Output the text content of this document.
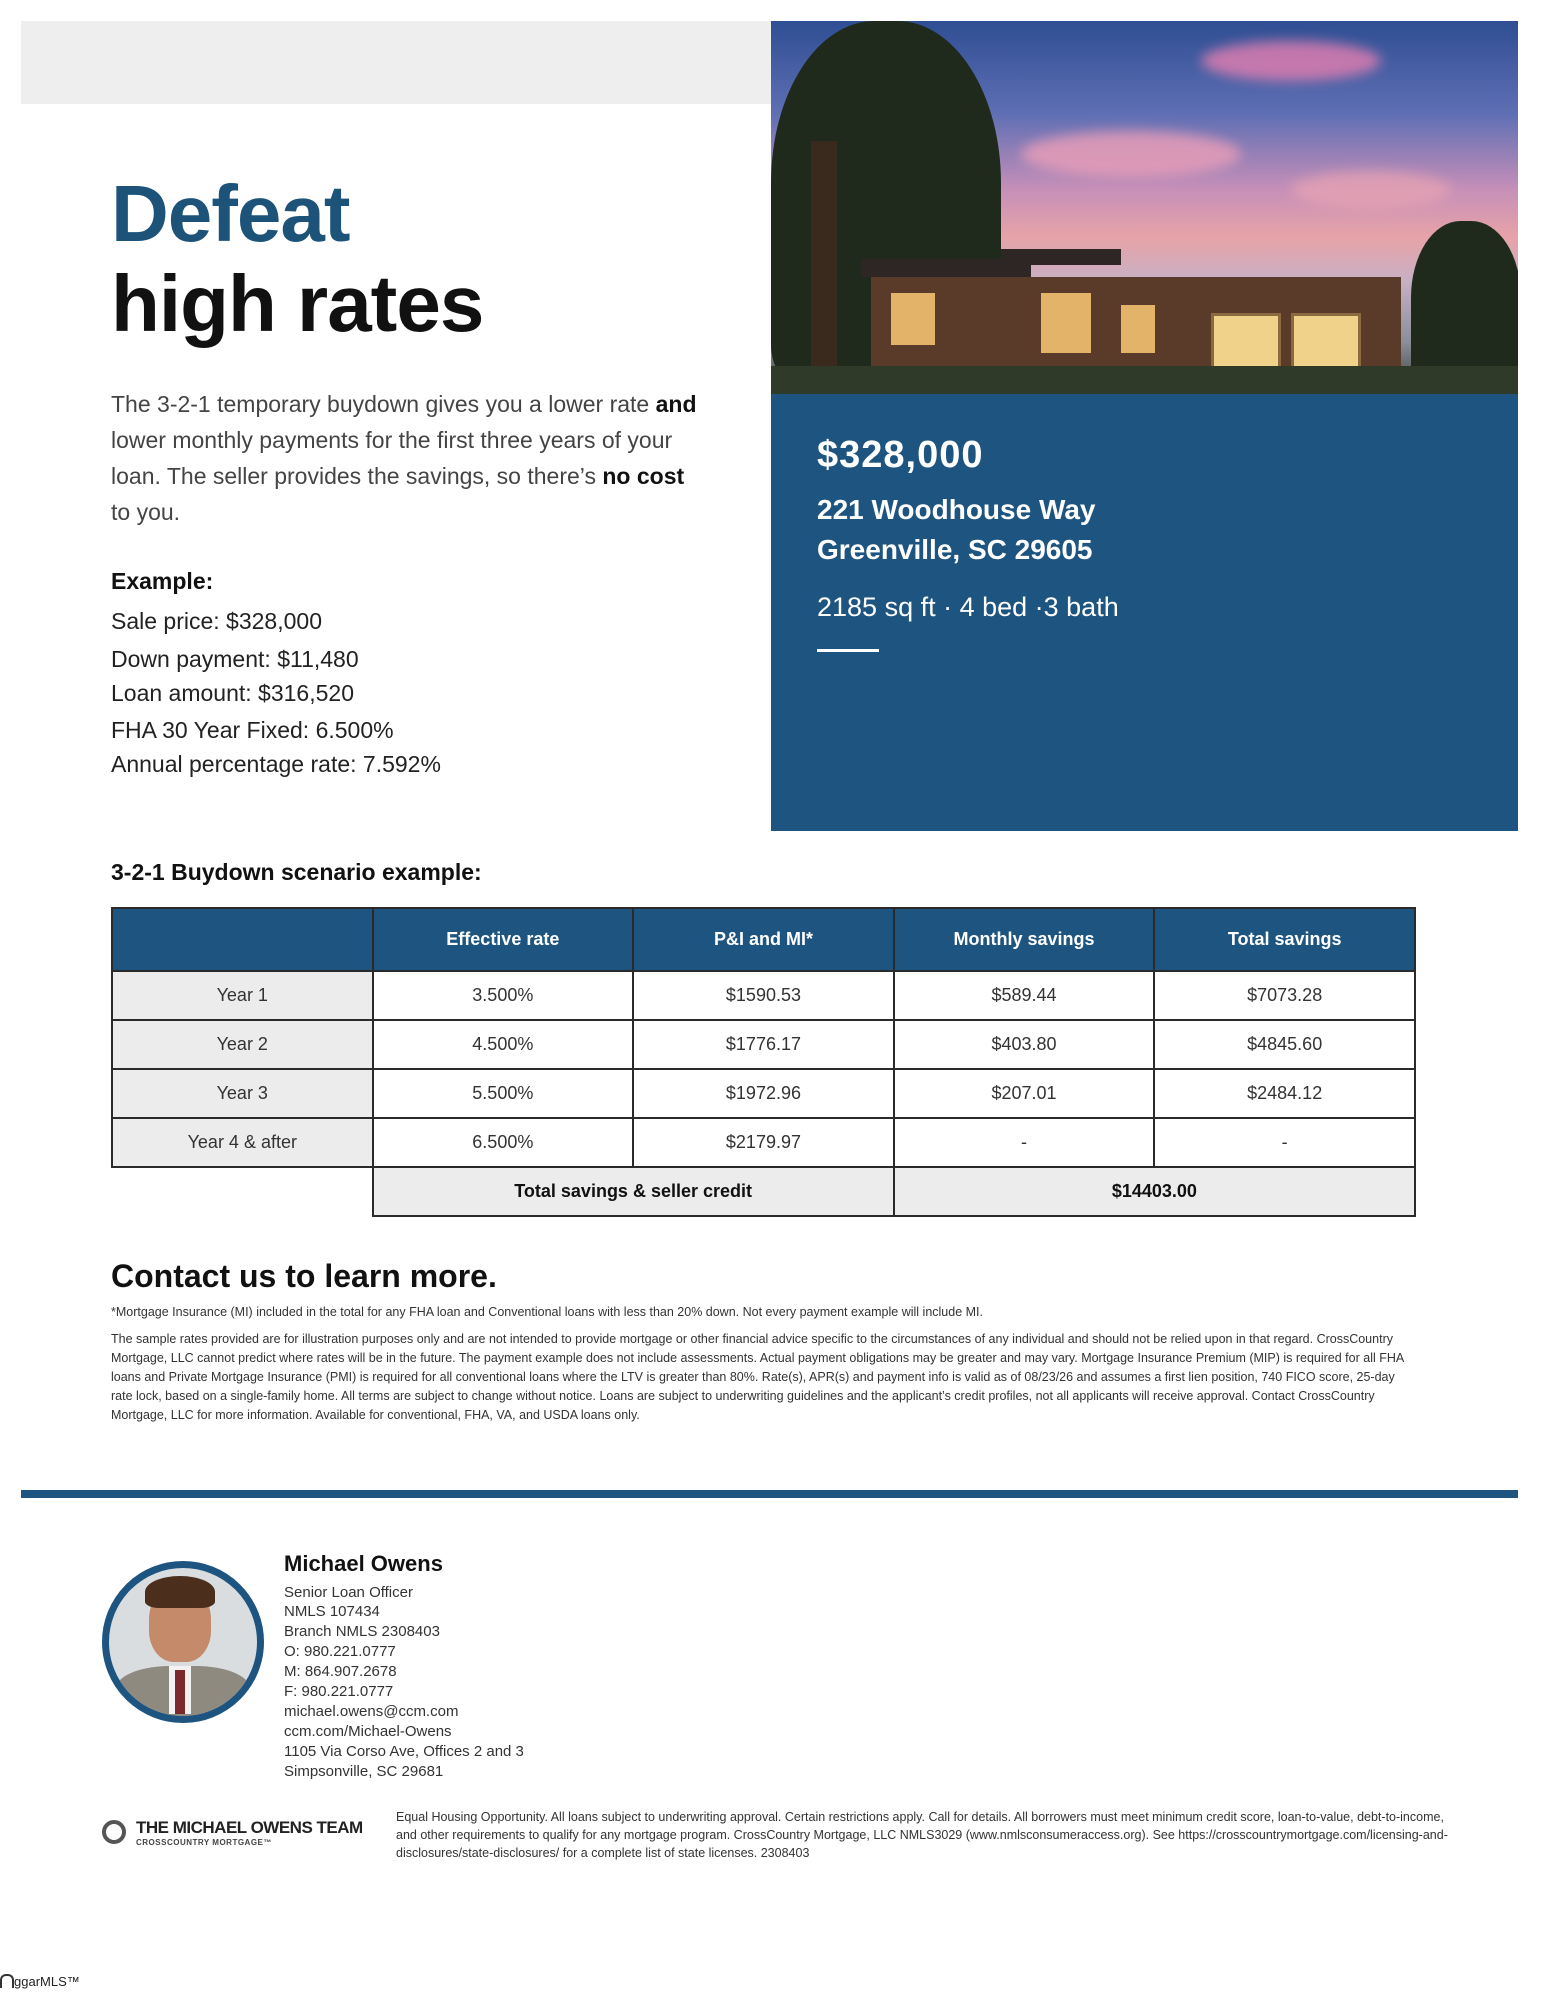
$328,000
221 Woodhouse Way
Greenville, SC 29605
2185 sq ft · 4 bed ·3 bath
Defeat
high rates

The 3-2-1 temporary buydown gives you a lower rate and lower monthly payments for the first three years of your loan. The seller provides the savings, so there’s no cost to you.

Example:
Sale price: $328,000
Down payment: $11,480
Loan amount: $316,520
FHA 30 Year Fixed: 6.500%
Annual percentage rate: 7.592%
3-2-1 Buydown scenario example:
	Effective rate	P&I and MI*	Monthly savings	Total savings
Year 1	3.500%	$1590.53	$589.44	$7073.28
Year 2	4.500%	$1776.17	$403.80	$4845.60
Year 3	5.500%	$1972.96	$207.01	$2484.12
Year 4 & after	6.500%	$2179.97	-	-
	Total savings & seller credit		$14403.00	
Contact us to learn more.

*Mortgage Insurance (MI) included in the total for any FHA loan and Conventional loans with less than 20% down. Not every payment example will include MI.

The sample rates provided are for illustration purposes only and are not intended to provide mortgage or other financial advice specific to the circumstances of any individual and should not be relied upon in that regard. CrossCountry Mortgage, LLC cannot predict where rates will be in the future. The payment example does not include assessments. Actual payment obligations may be greater and may vary. Mortgage Insurance Premium (MIP) is required for all FHA loans and Private Mortgage Insurance (PMI) is required for all conventional loans where the LTV is greater than 80%. Rate(s), APR(s) and payment info is valid as of 08/23/26 and assumes a first lien position, 740 FICO score, 25-day rate lock, based on a single-family home. All terms are subject to change without notice. Loans are subject to underwriting guidelines and the applicant’s credit profiles, not all applicants will receive approval. Contact CrossCountry Mortgage, LLC for more information. Available for conventional, FHA, VA, and USDA loans only.

Michael Owens
Senior Loan Officer
NMLS 107434
Branch NMLS 2308403
O: 980.221.0777
M: 864.907.2678
F: 980.221.0777
michael.owens@ccm.com
ccm.com/Michael-Owens
1105 Via Corso Ave, Offices 2 and 3
Simpsonville, SC 29681
THE MICHAEL OWENS TEAM
CROSSCOUNTRY MORTGAGE™

Equal Housing Opportunity. All loans subject to underwriting approval. Certain restrictions apply. Call for details. All borrowers must meet minimum credit score, loan-to-value, debt-to-income, and other requirements to qualify for any mortgage program. CrossCountry Mortgage, LLC NMLS3029 (www.nmlsconsumeraccess.org). See https://crosscountrymortgage.com/licensing-and-disclosures/state-disclosures/ for a complete list of state licenses. 2308403

ggarMLS™
